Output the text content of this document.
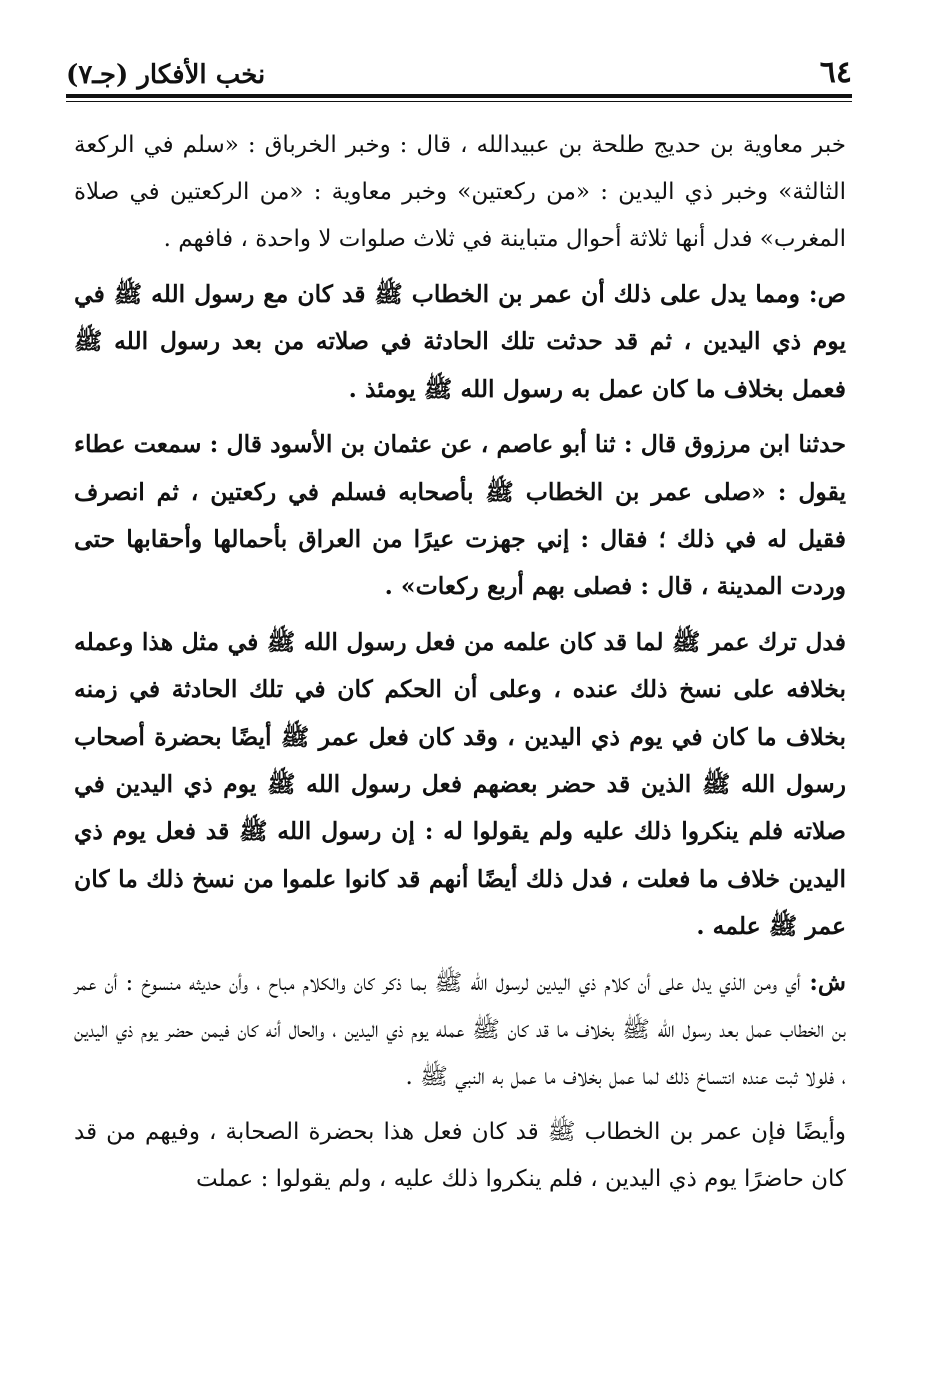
٦٤
نخب الأفكار (جـ٧)

خبر معاوية بن حديج طلحة بن عبيدالله ، قال : وخبر الخرباق : «سلم في الركعة الثالثة» وخبر ذي اليدين : «من ركعتين» وخبر معاوية : «من الركعتين في صلاة المغرب» فدل أنها ثلاثة أحوال متباينة في ثلاث صلوات لا واحدة ، فافهم .

ص: ومما يدل على ذلك أن عمر بن الخطاب ﷺ قد كان مع رسول الله ﷺ في يوم ذي اليدين ، ثم قد حدثت تلك الحادثة في صلاته من بعد رسول الله ﷺ فعمل بخلاف ما كان عمل به رسول الله ﷺ يومئذ .

حدثنا ابن مرزوق قال : ثنا أبو عاصم ، عن عثمان بن الأسود قال : سمعت عطاء يقول : «صلى عمر بن الخطاب ﷺ بأصحابه فسلم في ركعتين ، ثم انصرف فقيل له في ذلك ؛ فقال : إني جهزت عيرًا من العراق بأحمالها وأحقابها حتى وردت المدينة ، قال : فصلى بهم أربع ركعات» .

فدل ترك عمر ﷺ لما قد كان علمه من فعل رسول الله ﷺ في مثل هذا وعمله بخلافه على نسخ ذلك عنده ، وعلى أن الحكم كان في تلك الحادثة في زمنه بخلاف ما كان في يوم ذي اليدين ، وقد كان فعل عمر ﷺ أيضًا بحضرة أصحاب رسول الله ﷺ الذين قد حضر بعضهم فعل رسول الله ﷺ يوم ذي اليدين في صلاته فلم ينكروا ذلك عليه ولم يقولوا له : إن رسول الله ﷺ قد فعل يوم ذي اليدين خلاف ما فعلت ، فدل ذلك أيضًا أنهم قد كانوا علموا من نسخ ذلك ما كان عمر ﷺ علمه .

ش: أي ومن الذي يدل على أن كلام ذي اليدين لرسول الله ﷺ بما ذكر كان والكلام مباح ، وأن حديثه منسوخ : أن عمر بن الخطاب عمل بعد رسول الله ﷺ بخلاف ما قد كان ﷺ عمله يوم ذي اليدين ، والحال أنه كان فيمن حضر يوم ذي اليدين ، فلولا ثبت عنده انتساخ ذلك لما عمل بخلاف ما عمل به النبي ﷺ .

وأيضًا فإن عمر بن الخطاب ﷺ قد كان فعل هذا بحضرة الصحابة ، وفيهم من قد كان حاضرًا يوم ذي اليدين ، فلم ينكروا ذلك عليه ، ولم يقولوا : عملت
